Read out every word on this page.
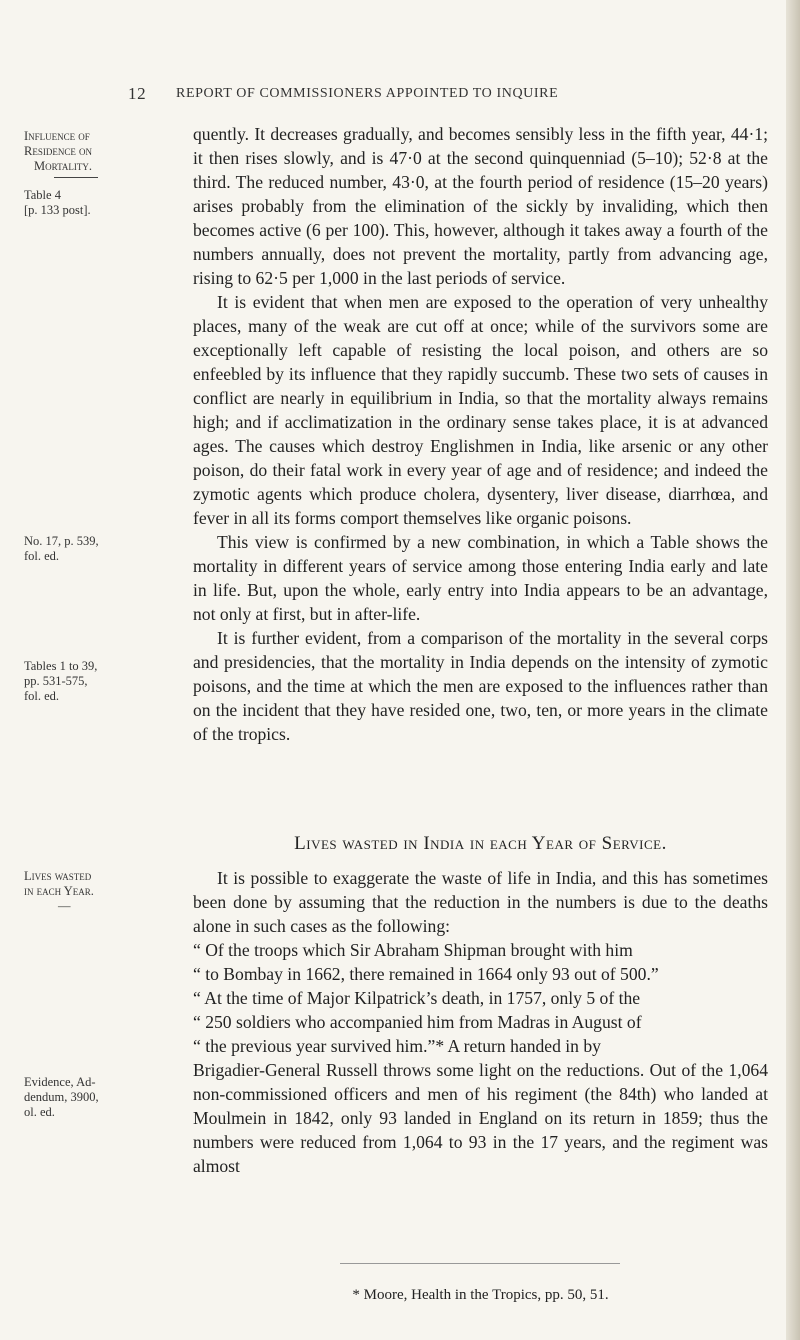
12 REPORT OF COMMISSIONERS APPOINTED TO INQUIRE
Influence of
Residence on
Mortality.
Table 4
[p. 133 post].
No. 17, p. 539,
fol. ed.
Tables 1 to 39,
pp. 531-575,
fol. ed.
Lives wasted
in each Year.
—
Evidence, Ad-
dendum, 3900,
ol. ed.

quently. It decreases gradually, and becomes sensibly less in the fifth year, 44·1; it then rises slowly, and is 47·0 at the second quinquenniad (5–10); 52·8 at the third. The reduced number, 43·0, at the fourth period of residence (15–20 years) arises probably from the elimination of the sickly by invaliding, which then becomes active (6 per 100). This, however, although it takes away a fourth of the numbers annually, does not prevent the mortality, partly from advancing age, rising to 62·5 per 1,000 in the last periods of service.

It is evident that when men are exposed to the operation of very unhealthy places, many of the weak are cut off at once; while of the survivors some are exceptionally left capable of resisting the local poison, and others are so enfeebled by its influence that they rapidly succumb. These two sets of causes in conflict are nearly in equilibrium in India, so that the mortality always remains high; and if acclimatization in the ordinary sense takes place, it is at advanced ages. The causes which destroy Englishmen in India, like arsenic or any other poison, do their fatal work in every year of age and of residence; and indeed the zymotic agents which produce cholera, dysentery, liver disease, diarrhœa, and fever in all its forms comport themselves like organic poisons.

This view is confirmed by a new combination, in which a Table shows the mortality in different years of service among those entering India early and late in life. But, upon the whole, early entry into India appears to be an advantage, not only at first, but in after-life.

It is further evident, from a comparison of the mortality in the several corps and presidencies, that the mortality in India depends on the intensity of zymotic poisons, and the time at which the men are exposed to the influences rather than on the incident that they have resided one, two, ten, or more years in the climate of the tropics.

Lives wasted in India in each Year of Service.

It is possible to exaggerate the waste of life in India, and this has sometimes been done by assuming that the reduction in the numbers is due to the deaths alone in such cases as the following:

“ Of the troops which Sir Abraham Shipman brought with him
“ to Bombay in 1662, there remained in 1664 only 93 out of 500.”
“ At the time of Major Kilpatrick’s death, in 1757, only 5 of the
“ 250 soldiers who accompanied him from Madras in August of
“ the previous year survived him.”* A return handed in by

Brigadier-General Russell throws some light on the reductions. Out of the 1,064 non-commissioned officers and men of his regiment (the 84th) who landed at Moulmein in 1842, only 93 landed in England on its return in 1859; thus the numbers were reduced from 1,064 to 93 in the 17 years, and the regiment was almost

* Moore, Health in the Tropics, pp. 50, 51.
